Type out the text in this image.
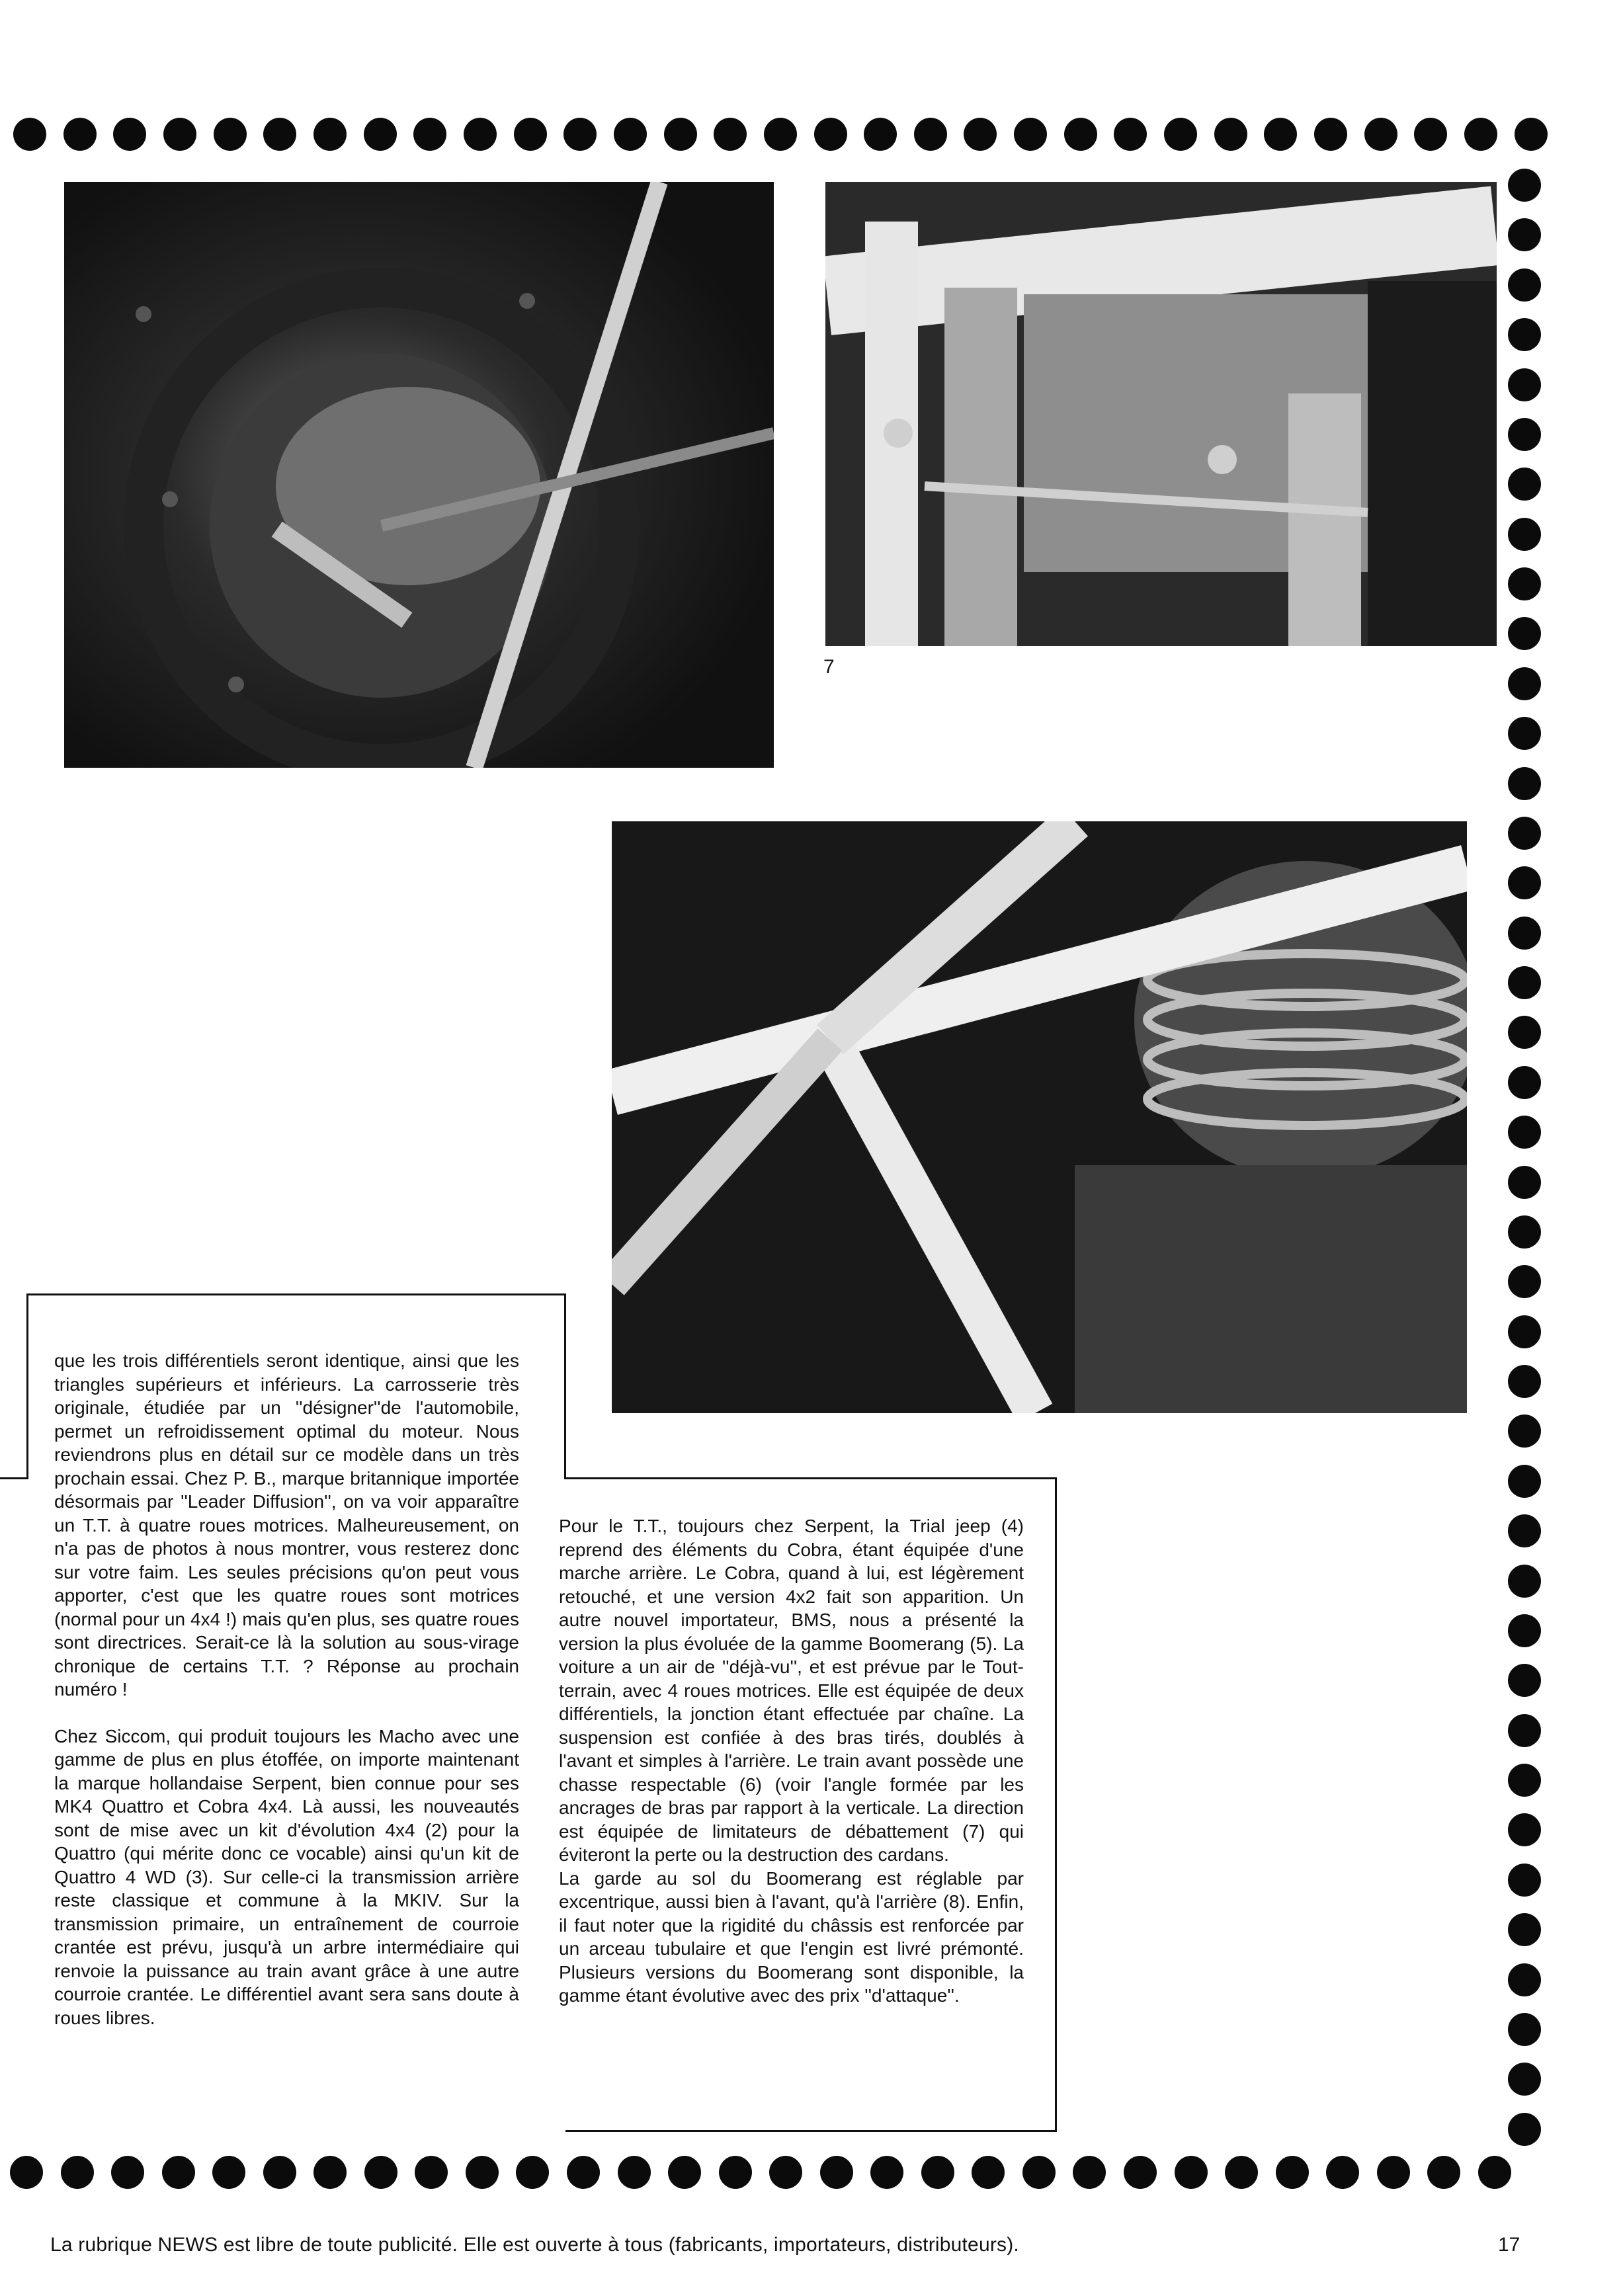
7

que les trois différentiels seront identique, ainsi que les triangles supérieurs et inférieurs. La carrosserie très originale, étudiée par un ''désigner''de l'automobile, permet un refroidissement optimal du moteur. Nous reviendrons plus en détail sur ce modèle dans un très prochain essai. Chez P. B., marque britannique importée désormais par ''Leader Diffusion'', on va voir apparaître un T.T. à quatre roues motrices. Malheureusement, on n'a pas de photos à nous montrer, vous resterez donc sur votre faim. Les seules précisions qu'on peut vous apporter, c'est que les quatre roues sont motrices (normal pour un 4x4 !) mais qu'en plus, ses quatre roues sont directrices. Serait-ce là la solution au sous-virage chronique de certains T.T. ? Réponse au prochain numéro !

Chez Siccom, qui produit toujours les Macho avec une gamme de plus en plus étoffée, on importe maintenant la marque hollandaise Serpent, bien connue pour ses MK4 Quattro et Cobra 4x4. Là aussi, les nouveautés sont de mise avec un kit d'évolution 4x4 (2) pour la Quattro (qui mérite donc ce vocable) ainsi qu'un kit de Quattro 4 WD (3). Sur celle-ci la transmission arrière reste classique et commune à la MKIV. Sur la transmission primaire, un entraînement de courroie crantée est prévu, jusqu'à un arbre intermédiaire qui renvoie la puissance au train avant grâce à une autre courroie crantée. Le différentiel avant sera sans doute à roues libres.

Pour le T.T., toujours chez Serpent, la Trial jeep (4) reprend des éléments du Cobra, étant équipée d'une marche arrière. Le Cobra, quand à lui, est légèrement retouché, et une version 4x2 fait son apparition. Un autre nouvel importateur, BMS, nous a présenté la version la plus évoluée de la gamme Boomerang (5). La voiture a un air de ''déjà-vu'', et est prévue par le Tout-terrain, avec 4 roues motrices. Elle est équipée de deux différentiels, la jonction étant effectuée par chaîne. La suspension est confiée à des bras tirés, doublés à l'avant et simples à l'arrière. Le train avant possède une chasse respectable (6) (voir l'angle formée par les ancrages de bras par rapport à la verticale. La direction est équipée de limitateurs de débattement (7) qui éviteront la perte ou la destruction des cardans.

La garde au sol du Boomerang est réglable par excentrique, aussi bien à l'avant, qu'à l'arrière (8). Enfin, il faut noter que la rigidité du châssis est renforcée par un arceau tubulaire et que l'engin est livré prémonté. Plusieurs versions du Boomerang sont disponible, la gamme étant évolutive avec des prix ''d'attaque''.

La rubrique NEWS est libre de toute publicité. Elle est ouverte à tous (fabricants, importateurs, distributeurs).	17
